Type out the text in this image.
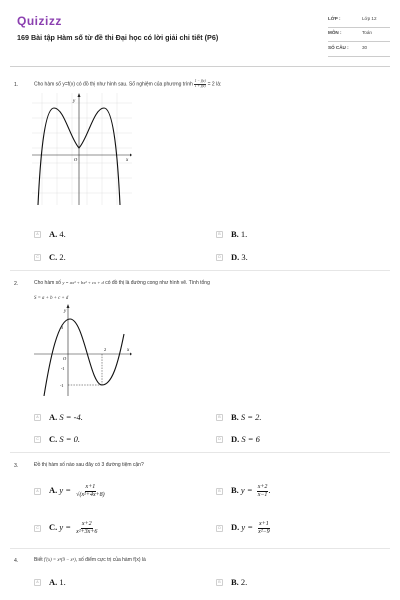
Quizizz
169 Bài tập Hàm số từ đề thi Đại học có lời giải chi tiết (P6)
LỚP :	Lớp 12
MÔN :	Toán
SỐ CÂU :	30
1.	Cho hàm số y=f(x) có đồ thị như hình sau. Số nghiệm của phương trình $\frac{1 - f(x)}{1 + f(x)} = 2$ là:
y
x
O
A A. 4.	B B. 1.
C C. 2.	D D. 3.
2.	Cho hàm số y = ax³ + bx² + cx + d có đồ thị là đường cong như hình vẽ. Tính tổng
S = a + b + c + d
y
x
O
3
-1
-1
2
A A. S = -4.	B B. S = 2.
C C. S = 0.	D D. S = 6
3.	Đồ thị hàm số nào sau đây có 3 đường tiệm cận?
A A. $y = \frac{x+1}{\text{√(x²+4x+8)}}$	B B. $y = \frac{x+2}{x-1}$ .
C C. $y = \frac{x+2}{\text{x²+3x+6}}$	D D. $y = \frac{x+1}{\text{x²−9}}$
4.	Biết f′(x) = x²(9 − x²), số điểm cực trị của hàm f(x) là
A A. 1.	B B. 2.
